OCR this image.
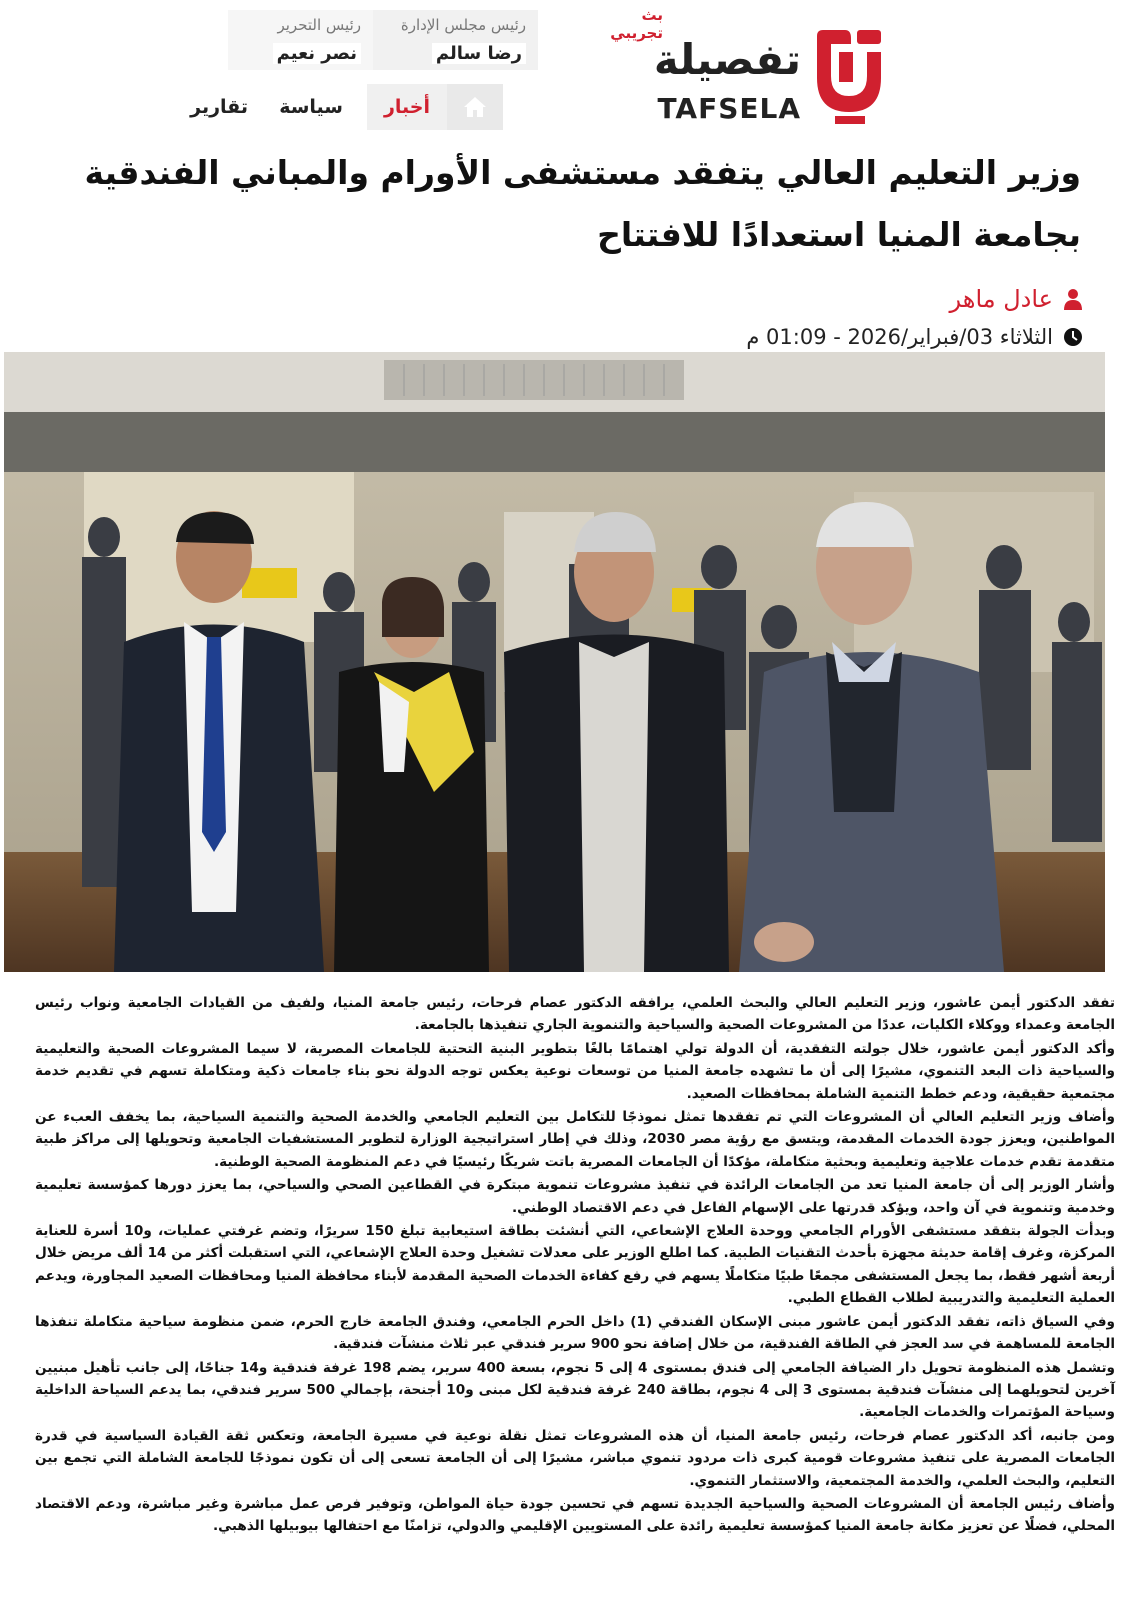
بث تجريبي
تفصيلة
TAFSELA
رئيس مجلس الإدارة
رضا سالم
رئيس التحرير
نصر نعيم
أخبار
سياسة
تقارير
وزير التعليم العالي يتفقد مستشفى الأورام والمباني الفندقية بجامعة المنيا استعدادًا للافتتاح
عادل ماهر
الثلاثاء 03/فبراير/2026 - 01:09 م

تفقد الدكتور أيمن عاشور، وزير التعليم العالي والبحث العلمي، يرافقه الدكتور عصام فرحات، رئيس جامعة المنيا، ولفيف من القيادات الجامعية ونواب رئيس الجامعة وعمداء ووكلاء الكليات، عددًا من المشروعات الصحية والسياحية والتنموية الجاري تنفيذها بالجامعة.

وأكد الدكتور أيمن عاشور، خلال جولته التفقدية، أن الدولة تولي اهتمامًا بالغًا بتطوير البنية التحتية للجامعات المصرية، لا سيما المشروعات الصحية والتعليمية والسياحية ذات البعد التنموي، مشيرًا إلى أن ما تشهده جامعة المنيا من توسعات نوعية يعكس توجه الدولة نحو بناء جامعات ذكية ومتكاملة تسهم في تقديم خدمة مجتمعية حقيقية، ودعم خطط التنمية الشاملة بمحافظات الصعيد.

وأضاف وزير التعليم العالي أن المشروعات التي تم تفقدها تمثل نموذجًا للتكامل بين التعليم الجامعي والخدمة الصحية والتنمية السياحية، بما يخفف العبء عن المواطنين، ويعزز جودة الخدمات المقدمة، ويتسق مع رؤية مصر 2030، وذلك في إطار استراتيجية الوزارة لتطوير المستشفيات الجامعية وتحويلها إلى مراكز طبية متقدمة تقدم خدمات علاجية وتعليمية وبحثية متكاملة، مؤكدًا أن الجامعات المصرية باتت شريكًا رئيسيًا في دعم المنظومة الصحية الوطنية.

وأشار الوزير إلى أن جامعة المنيا تعد من الجامعات الرائدة في تنفيذ مشروعات تنموية مبتكرة في القطاعين الصحي والسياحي، بما يعزز دورها كمؤسسة تعليمية وخدمية وتنموية في آن واحد، ويؤكد قدرتها على الإسهام الفاعل في دعم الاقتصاد الوطني.

وبدأت الجولة بتفقد مستشفى الأورام الجامعي ووحدة العلاج الإشعاعي، التي أنشئت بطاقة استيعابية تبلغ 150 سريرًا، وتضم غرفتي عمليات، و10 أسرة للعناية المركزة، وغرف إقامة حديثة مجهزة بأحدث التقنيات الطبية. كما اطلع الوزير على معدلات تشغيل وحدة العلاج الإشعاعي، التي استقبلت أكثر من 14 ألف مريض خلال أربعة أشهر فقط، بما يجعل المستشفى مجمعًا طبيًا متكاملًا يسهم في رفع كفاءة الخدمات الصحية المقدمة لأبناء محافظة المنيا ومحافظات الصعيد المجاورة، ويدعم العملية التعليمية والتدريبية لطلاب القطاع الطبي.

وفي السياق ذاته، تفقد الدكتور أيمن عاشور مبنى الإسكان الفندقي (1) داخل الحرم الجامعي، وفندق الجامعة خارج الحرم، ضمن منظومة سياحية متكاملة تنفذها الجامعة للمساهمة في سد العجز في الطاقة الفندقية، من خلال إضافة نحو 900 سرير فندقي عبر ثلاث منشآت فندقية.

وتشمل هذه المنظومة تحويل دار الضيافة الجامعي إلى فندق بمستوى 4 إلى 5 نجوم، بسعة 400 سرير، يضم 198 غرفة فندقية و14 جناحًا، إلى جانب تأهيل مبنيين آخرين لتحويلهما إلى منشآت فندقية بمستوى 3 إلى 4 نجوم، بطاقة 240 غرفة فندقية لكل مبنى و10 أجنحة، بإجمالي 500 سرير فندقي، بما يدعم السياحة الداخلية وسياحة المؤتمرات والخدمات الجامعية.

ومن جانبه، أكد الدكتور عصام فرحات، رئيس جامعة المنيا، أن هذه المشروعات تمثل نقلة نوعية في مسيرة الجامعة، وتعكس ثقة القيادة السياسية في قدرة الجامعات المصرية على تنفيذ مشروعات قومية كبرى ذات مردود تنموي مباشر، مشيرًا إلى أن الجامعة تسعى إلى أن تكون نموذجًا للجامعة الشاملة التي تجمع بين التعليم، والبحث العلمي، والخدمة المجتمعية، والاستثمار التنموي.

وأضاف رئيس الجامعة أن المشروعات الصحية والسياحية الجديدة تسهم في تحسين جودة حياة المواطن، وتوفير فرص عمل مباشرة وغير مباشرة، ودعم الاقتصاد المحلي، فضلًا عن تعزيز مكانة جامعة المنيا كمؤسسة تعليمية رائدة على المستويين الإقليمي والدولي، تزامنًا مع احتفالها بيوبيلها الذهبي.
